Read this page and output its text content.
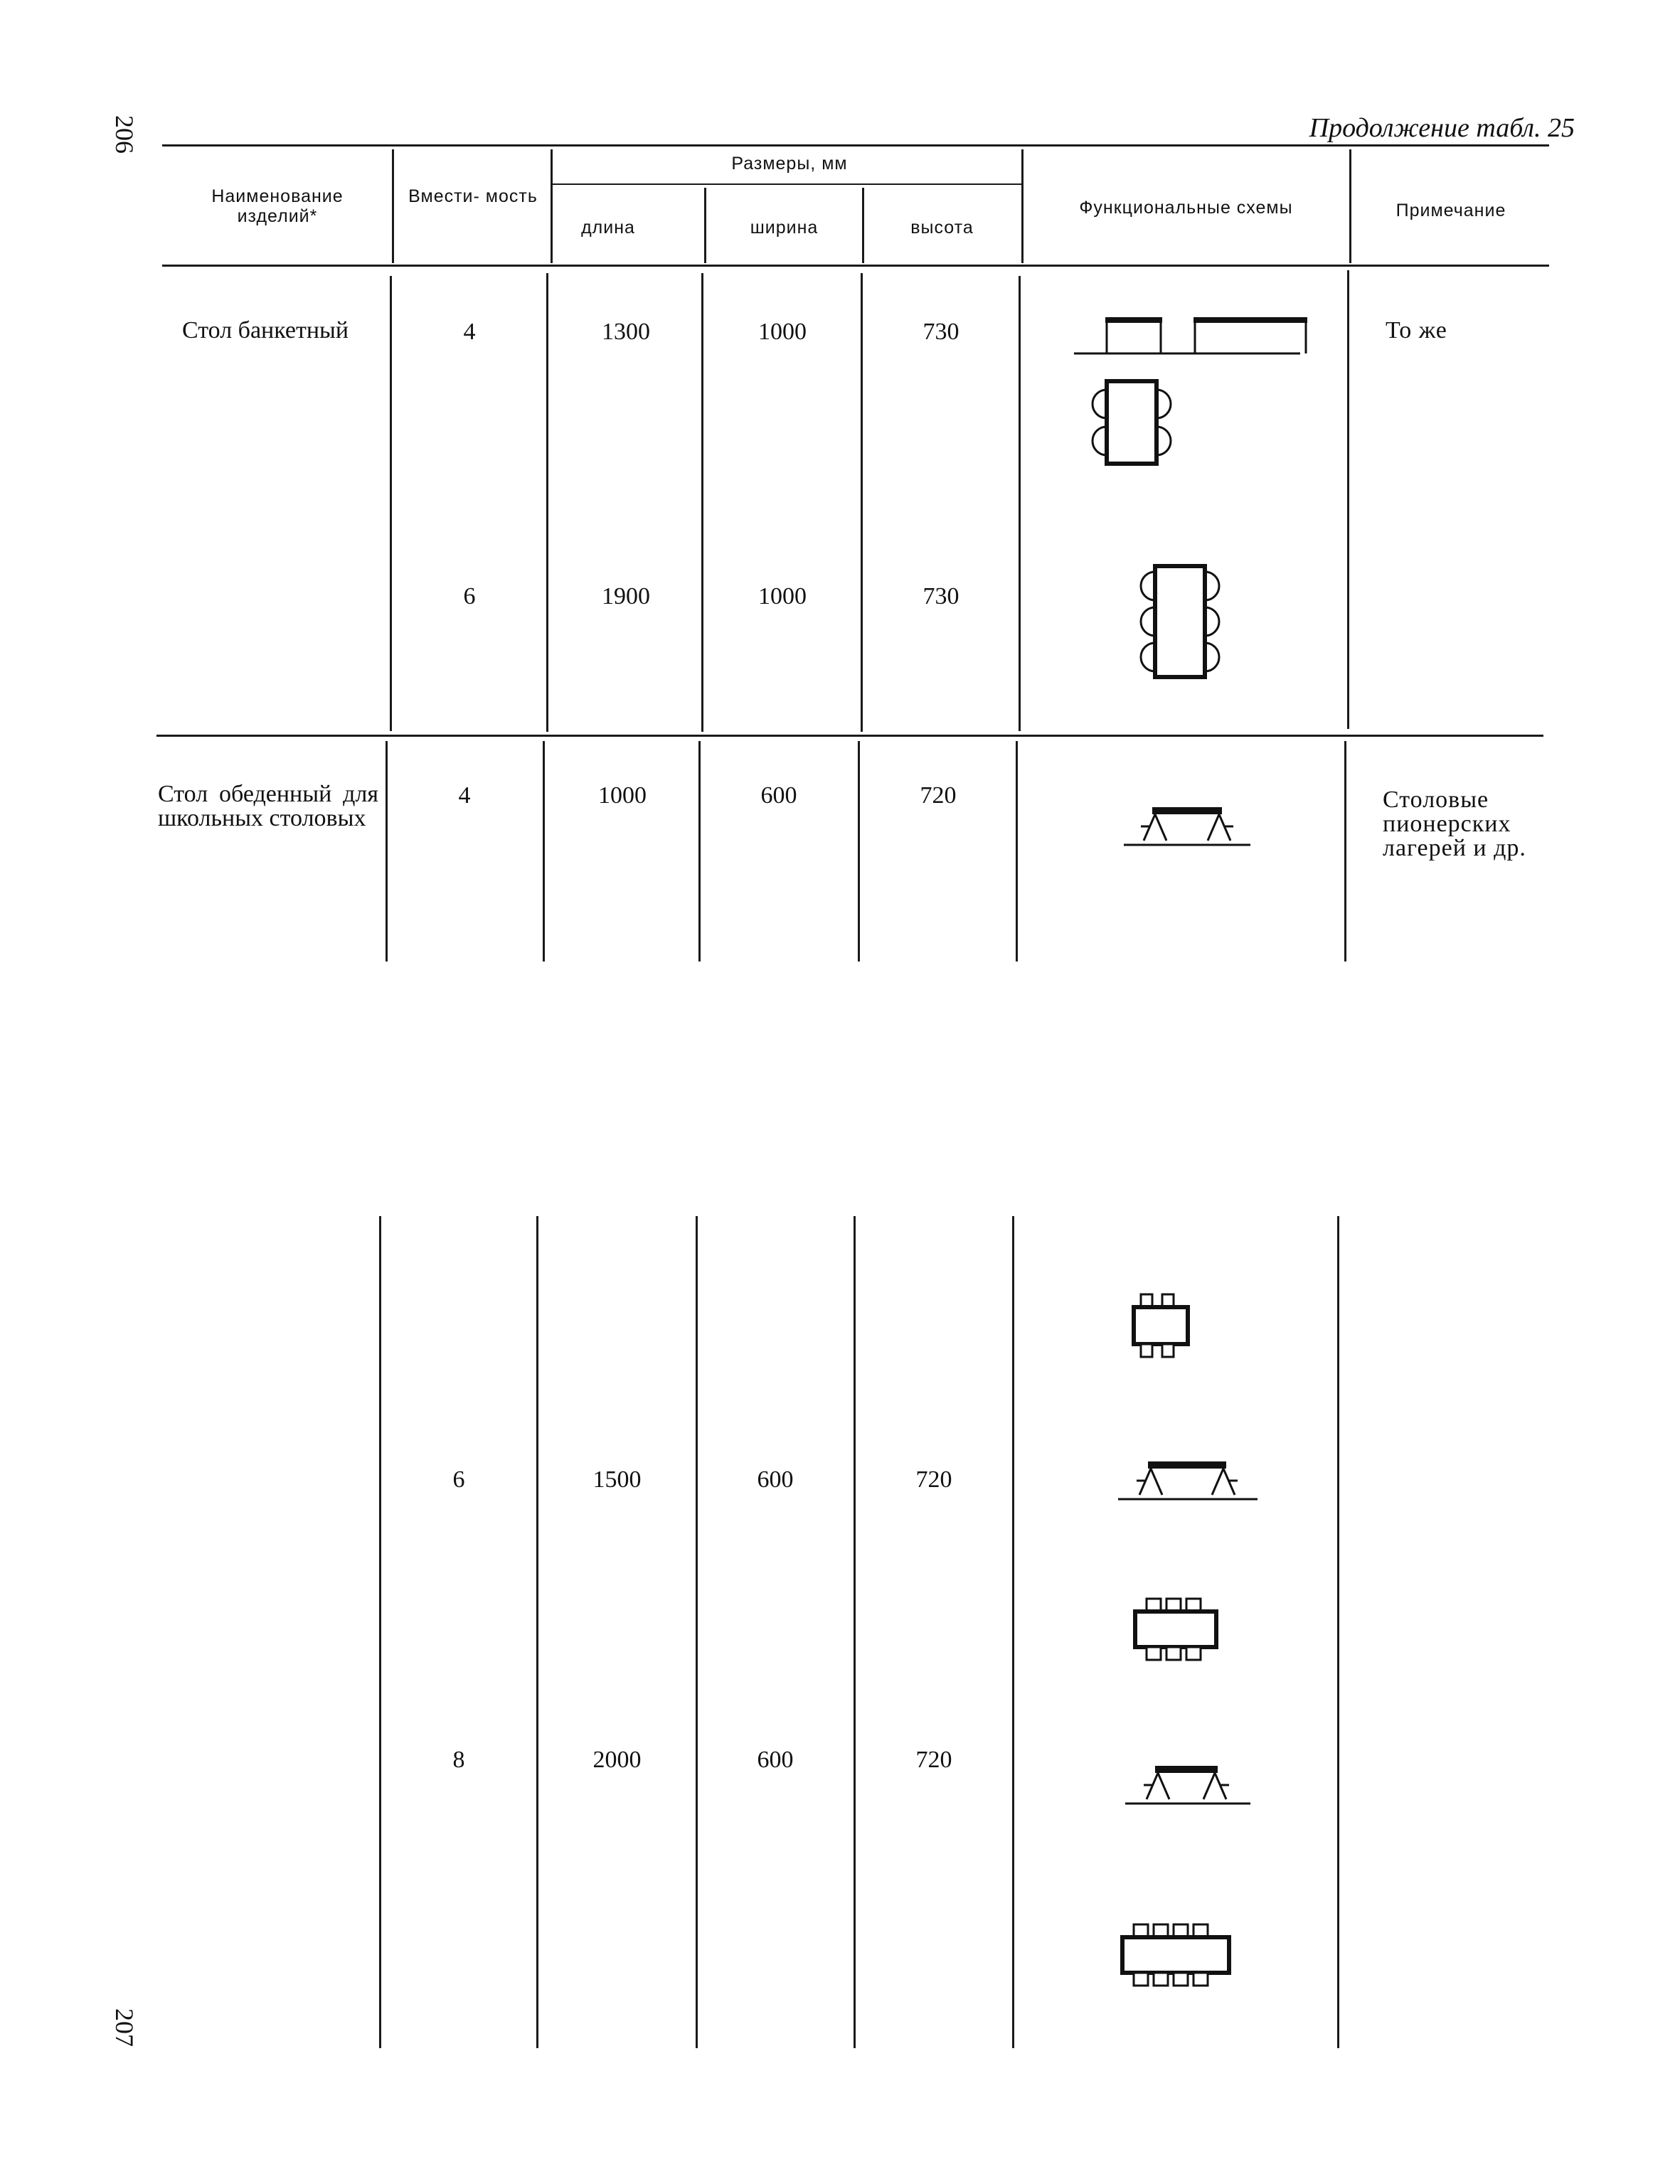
206
207
Продолжение табл. 25
Наименование изделий*
Вмести- мость
Размеры, мм
длина	ширина	высота
Функциональные схемы	Примечание
Стол банкетный	4	1300	1000	730	То же
6	1900	1000	730
Стол обеденный для школьных столовых
4	1000	600	720	Столовые пионерских лагерей и др.
6	1500	600	720
8	2000	600	720
